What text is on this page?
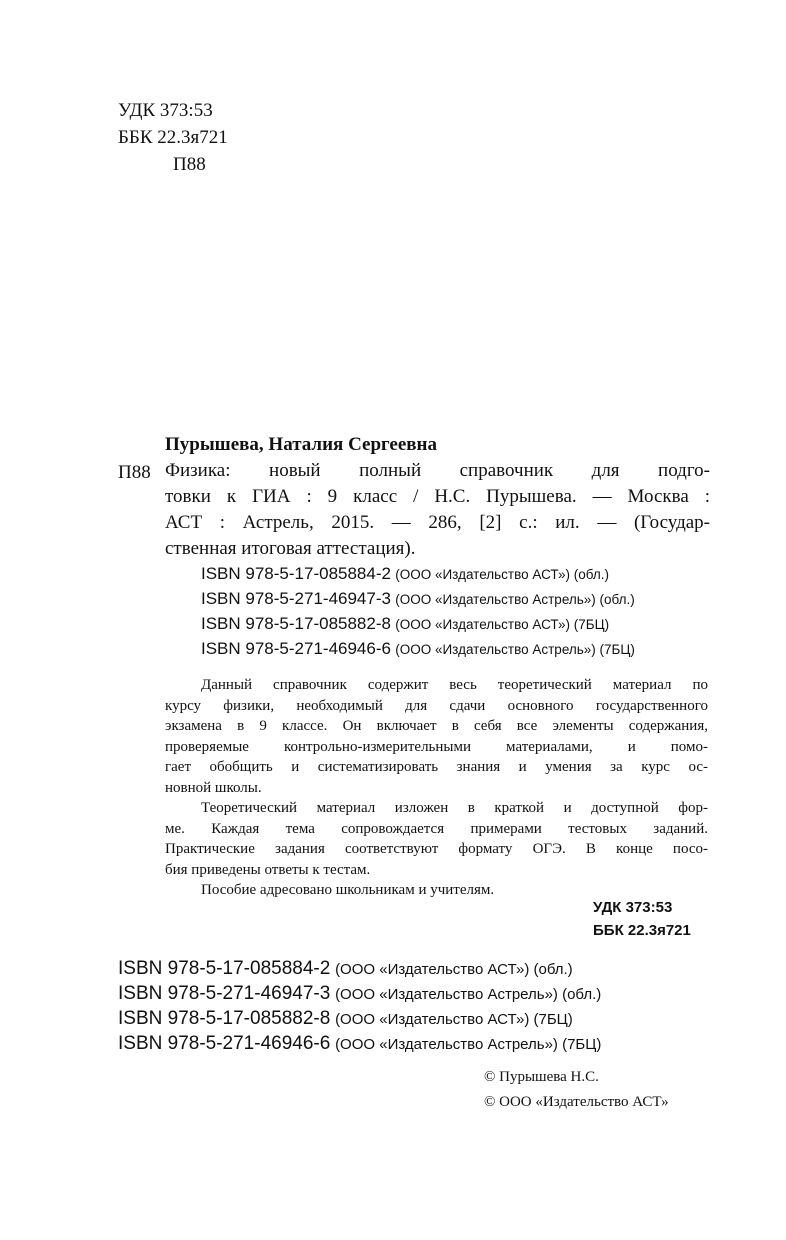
УДК 373:53
ББК 22.3я721
П88
Пурышева, Наталия Сергеевна
П88 Физика: новый полный справочник для подго-
товки к ГИА : 9 класс / Н.С. Пурышева. — Москва :
АСТ : Астрель, 2015. — 286, [2] с.: ил. — (Государ-
ственная итоговая аттестация).
ISBN 978-5-17-085884-2 (ООО «Издательство АСТ») (обл.)
ISBN 978-5-271-46947-3 (ООО «Издательство Астрель») (обл.)
ISBN 978-5-17-085882-8 (ООО «Издательство АСТ») (7БЦ)
ISBN 978-5-271-46946-6 (ООО «Издательство Астрель») (7БЦ)
Данный справочник содержит весь теоретический материал по
курсу физики, необходимый для сдачи основного государственного
экзамена в 9 классе. Он включает в себя все элементы содержания,
проверяемые контрольно-измерительными материалами, и помо-
гает обобщить и систематизировать знания и умения за курс ос-
новной школы.
Теоретический материал изложен в краткой и доступной фор-
ме. Каждая тема сопровождается примерами тестовых заданий.
Практические задания соответствуют формату ОГЭ. В конце посо-
бия приведены ответы к тестам.
Пособие адресовано школьникам и учителям.
УДК 373:53
ББК 22.3я721
ISBN 978-5-17-085884-2 (ООО «Издательство АСТ») (обл.)
ISBN 978-5-271-46947-3 (ООО «Издательство Астрель») (обл.)
ISBN 978-5-17-085882-8 (ООО «Издательство АСТ») (7БЦ)
ISBN 978-5-271-46946-6 (ООО «Издательство Астрель») (7БЦ)
© Пурышева Н.С.
© ООО «Издательство АСТ»
